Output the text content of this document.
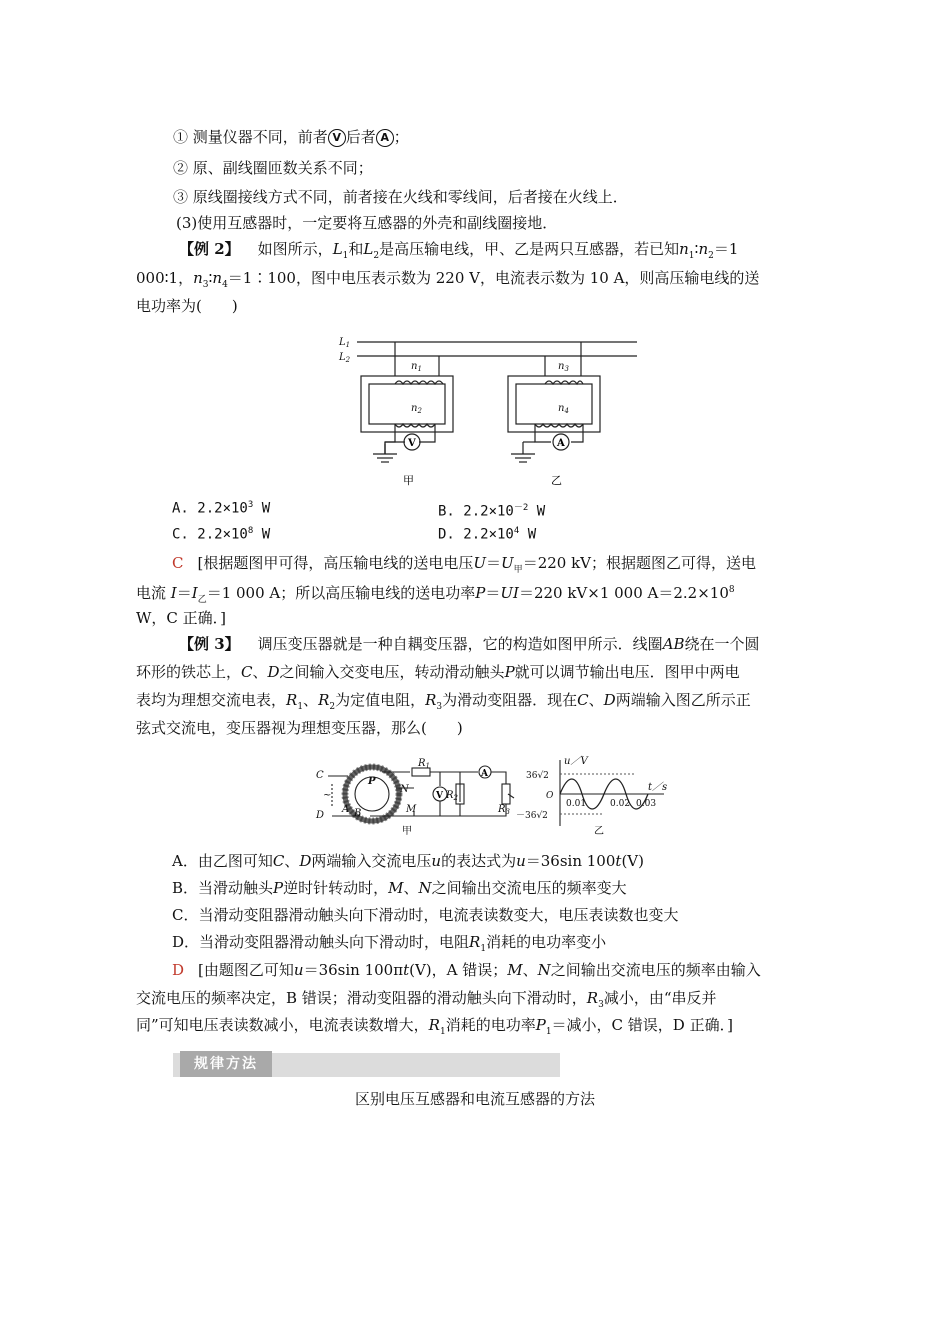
① 测量仪器不同，前者 V 后者 A ；
② 原、副线圈匝数关系不同；
③ 原线圈接线方式不同，前者接在火线和零线间，后者接在火线上．
(3)使用互感器时，一定要将互感器的外壳和副线圈接地．
【例 2】 如图所示，$L_1$和$L_2$是高压输电线，甲、乙是两只互感器，若已知$n_1∶n_2=1$
000∶1，$n_3∶n_4=1∶100$，图中电压表示数为 220 V，电流表示数为 10 A，则高压输电线的送
电功率为(　　)
$L_1$
$L_2$
$n_1$
$n_2$
$n_3$
$n_4$
V	A
甲	乙
A. $2.2\times 10^3$ W	B. $2.2\times 10^{-2}$ W
C. $2.2\times 10^8$ W	D. $2.2\times 10^4$ W
C [根据题图甲可得，高压输电线的送电电压$U=U_甲=220$ kV；根据题图乙可得，送电
电流 $I=I_乙=1$ 000 A；所以高压输电线的送电功率P＝UI＝220 kV×1 000 $A=2.2\times 10^8$
W，C 正确．]
【例 3】 调压变压器就是一种自耦变压器，它的构造如图甲所示．线圈AB绕在一个圆
环形的铁芯上，C、D之间输入交变电压，转动滑动触头P就可以调节输出电压．图甲中两电
表均为理想交流电表，$R_1$、$R_2$为定值电阻，$R_3$为滑动变阻器．现在C、D两端输入图乙所示正
弦式交流电，变压器视为理想变压器，那么(　　)
C
D
~
P
N
M
A B
$R_1$
$R_2$
$R_3$
u／V
t／s
V
A
甲
36√2
O
－36√2
0.01	0.02 0.03
乙
A．由乙图可知C、D两端输入交流电压u的表达式为u＝36sin 100t(V)
B．当滑动触头P逆时针转动时，M、N之间输出交流电压的频率变大
C．当滑动变阻器滑动触头向下滑动时，电流表读数变大，电压表读数也变大
D．当滑动变阻器滑动触头向下滑动时，电阻$R_1$消耗的电功率变小
D [由题图乙可知u＝36sin 100πt(V)，A 错误；M、N之间输出交流电压的频率由输入
交流电压的频率决定，B 错误；滑动变阻器的滑动触头向下滑动时，$R_3$减小，由“串反并
同”可知电压表读数减小，电流表读数增大，$R_1$消耗的电功率$P_1=$减小，C 错误，D 正确．]
规律方法
区别电压互感器和电流互感器的方法
